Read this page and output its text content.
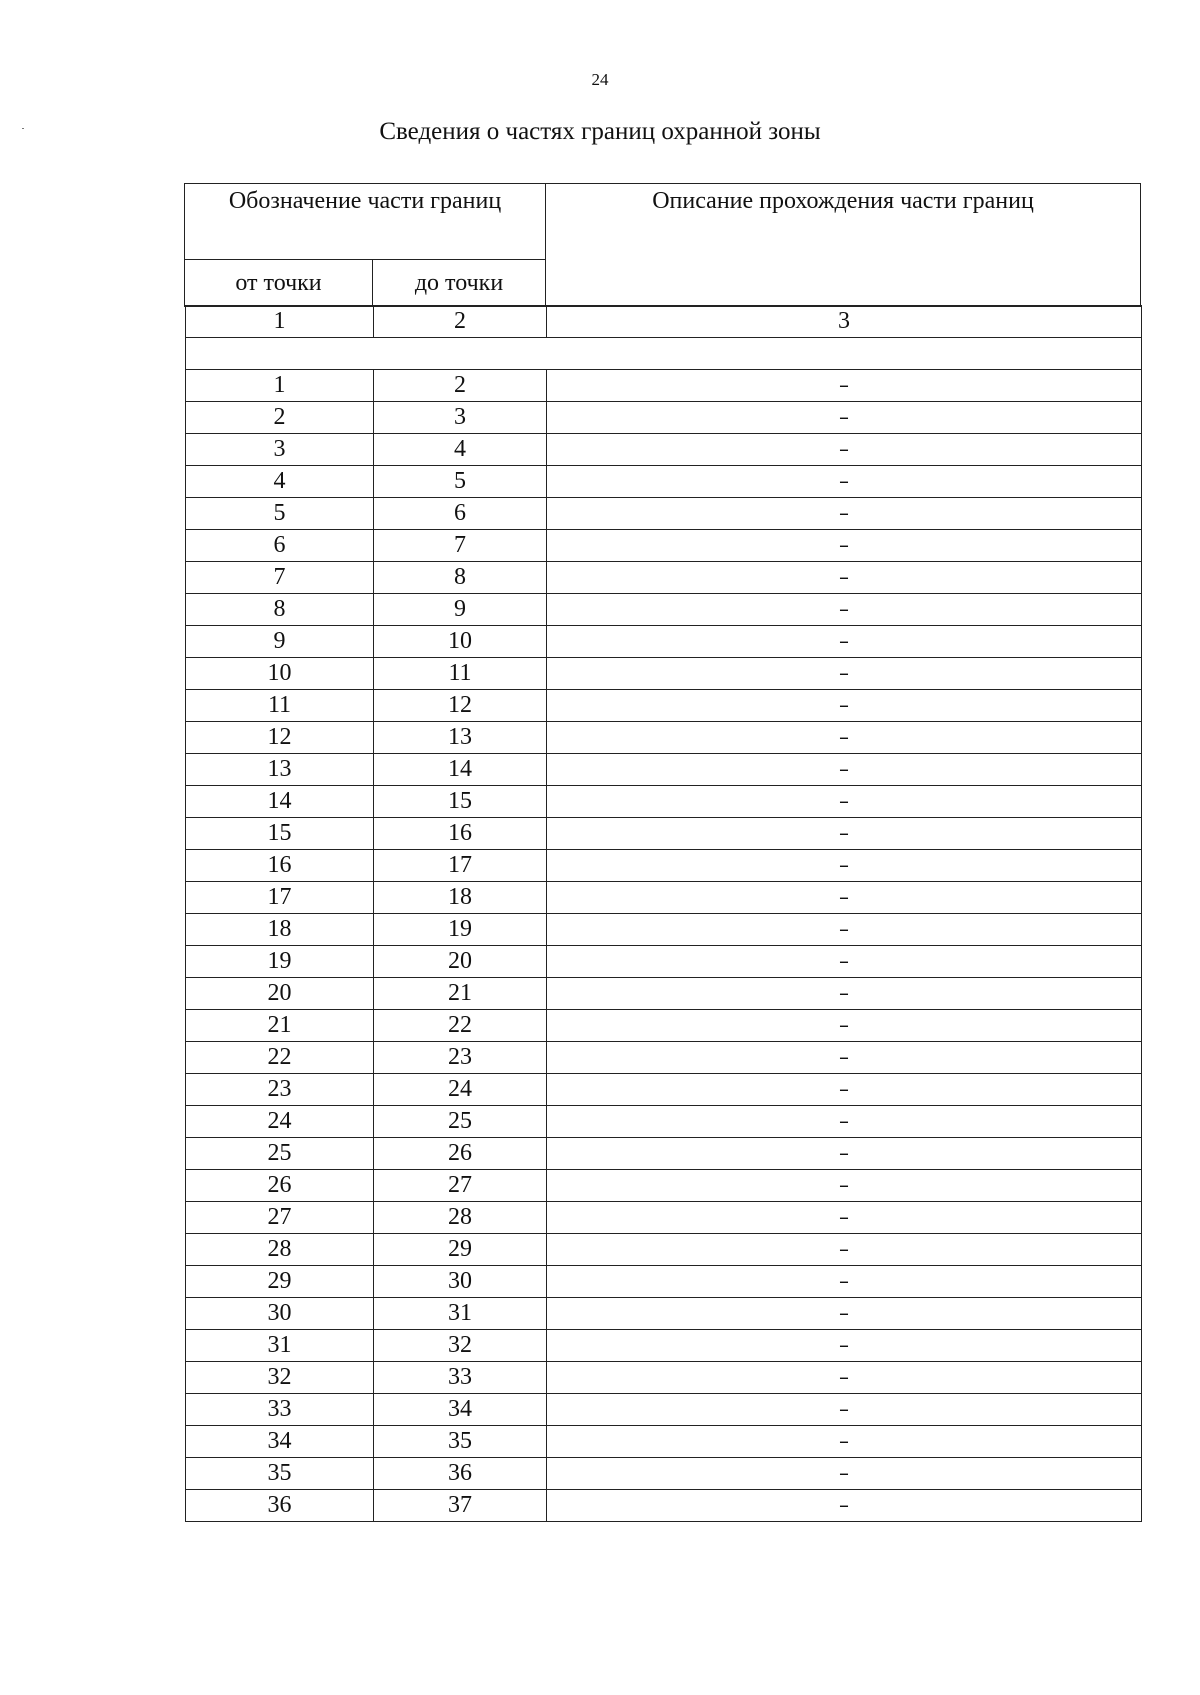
24
Сведения о частях границ охранной зоны
Обозначение части границ		Описание прохождения части границ
от точки	до точки	
1	2	3

1	2	–
2	3	–
3	4	–
4	5	–
5	6	–
6	7	–
7	8	–
8	9	–
9	10	–
10	11	–
11	12	–
12	13	–
13	14	–
14	15	–
15	16	–
16	17	–
17	18	–
18	19	–
19	20	–
20	21	–
21	22	–
22	23	–
23	24	–
24	25	–
25	26	–
26	27	–
27	28	–
28	29	–
29	30	–
30	31	–
31	32	–
32	33	–
33	34	–
34	35	–
35	36	–
36	37	–
